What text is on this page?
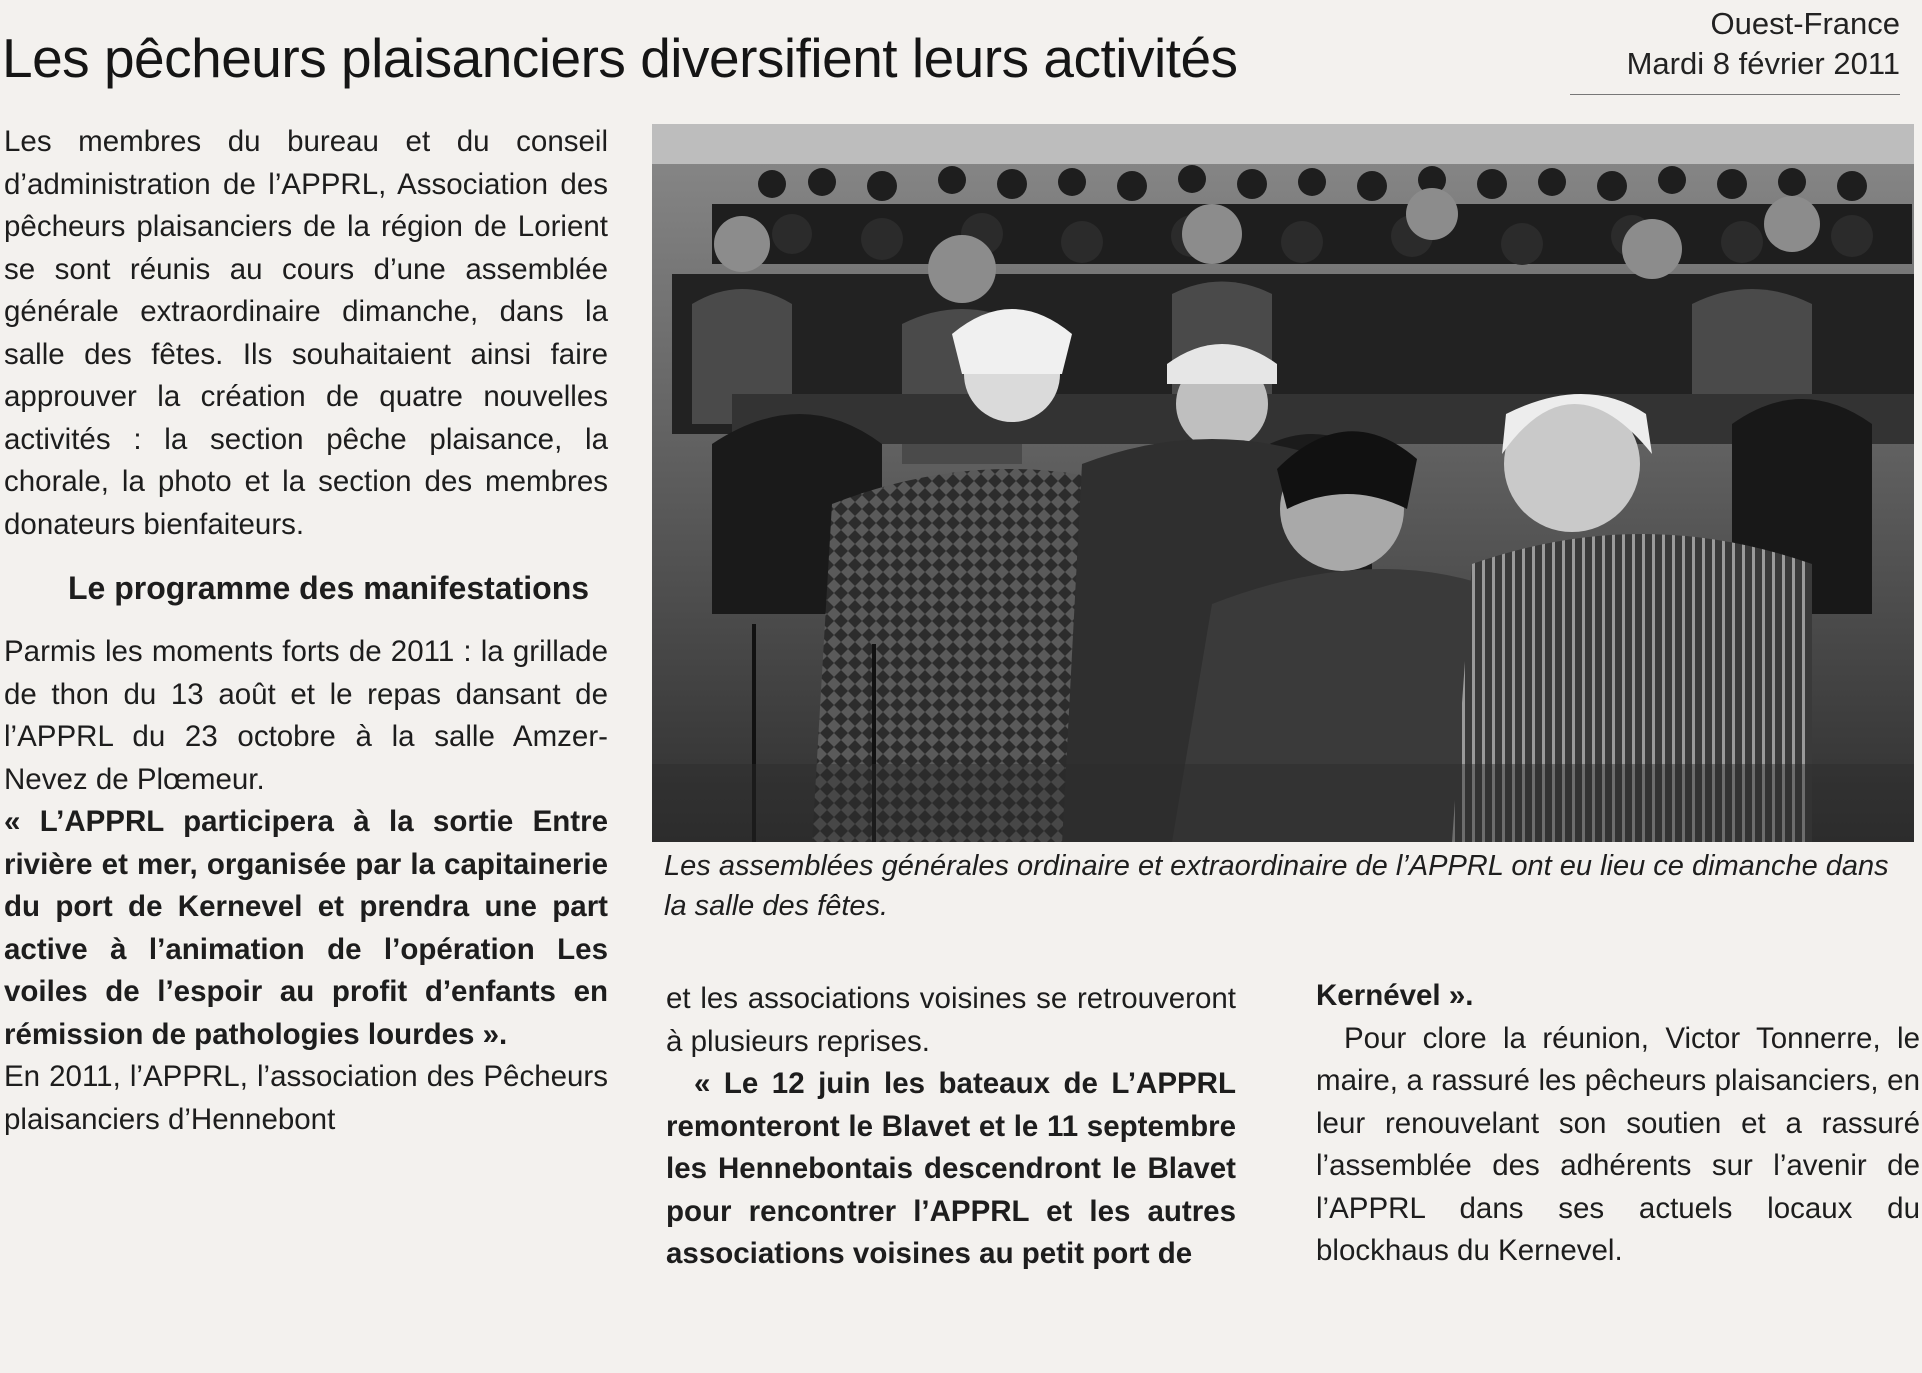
Les pêcheurs plaisanciers diversifient leurs activités
Ouest-France
Mardi 8 février 2011

Les membres du bureau et du conseil d’administration de l’APPRL, Association des pêcheurs plaisanciers de la région de Lorient se sont réunis au cours d’une assemblée générale extraordinaire dimanche, dans la salle des fêtes. Ils souhaitaient ainsi faire approuver la création de quatre nouvelles activités : la section pêche plaisance, la chorale, la photo et la section des membres donateurs bienfaiteurs.

Le programme des manifestations

Parmis les moments forts de 2011 : la grillade de thon du 13 août et le repas dansant de l’APPRL du 23 octobre à la salle Amzer-Nevez de Plœmeur.

« L’APPRL participera à la sortie Entre rivière et mer, organisée par la capitainerie du port de Kernevel et prendra une part active à l’animation de l’opération Les voiles de l’espoir au profit d’enfants en rémission de pathologies lourdes ».

En 2011, l’APPRL, l’association des Pêcheurs plaisanciers d’Hennebont

Les assemblées générales ordinaire et extraordinaire de l’APPRL ont eu lieu ce dimanche dans la salle des fêtes.

et les associations voisines se retrouveront à plusieurs reprises.

« Le 12 juin les bateaux de L’APPRL remonteront le Blavet et le 11 septembre les Hennebontais descendront le Blavet pour rencontrer l’APPRL et les autres associations voisines au petit port de

Kernével ».

Pour clore la réunion, Victor Tonnerre, le maire, a rassuré les pêcheurs plaisanciers, en leur renouvelant son soutien et a rassuré l’assemblée des adhérents sur l’avenir de l’APPRL dans ses actuels locaux du blockhaus du Kernevel.
